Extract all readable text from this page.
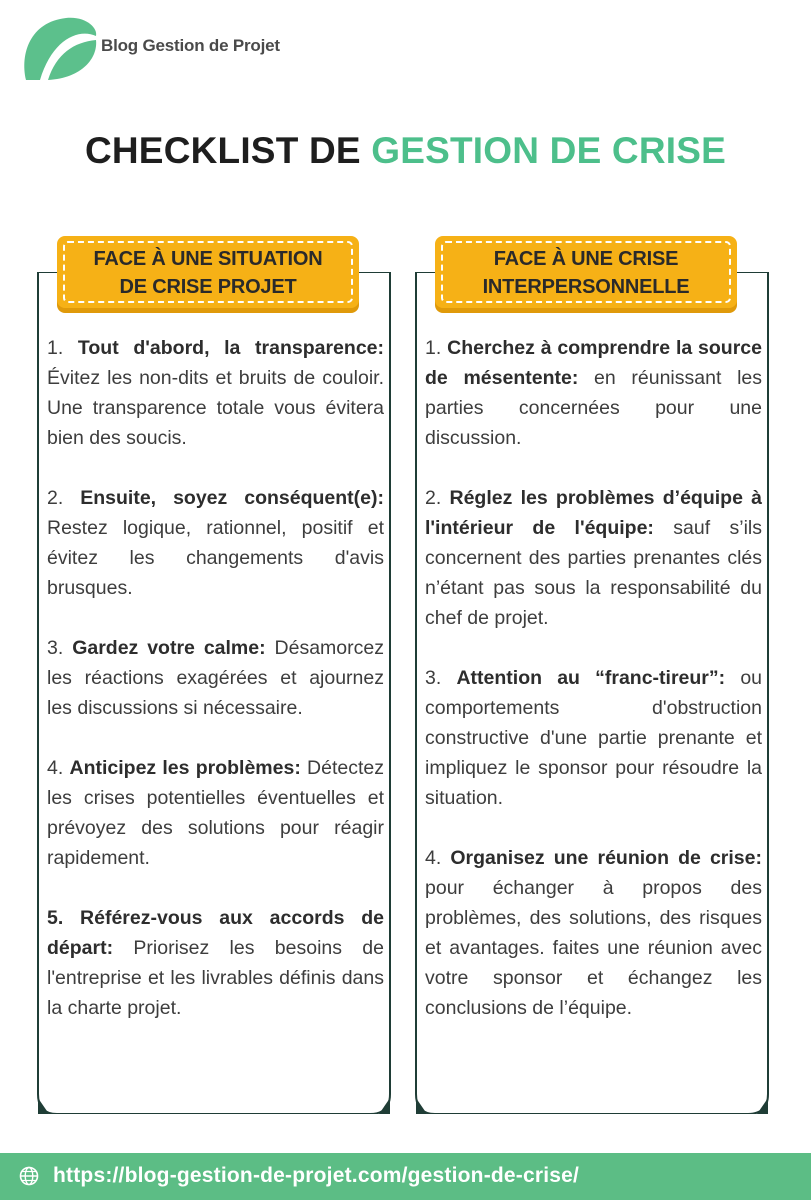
Blog Gestion de Projet
CHECKLIST DE GESTION DE CRISE
FACE À UNE SITUATION
DE CRISE PROJET
1. Tout d'abord, la transparence: Évitez les non-dits et bruits de couloir. Une transparence totale vous évitera bien des soucis.
2. Ensuite, soyez conséquent(e): Restez logique, rationnel, positif et évitez les changements d'avis brusques.
3. Gardez votre calme: Désamorcez les réactions exagérées et ajournez les discussions si nécessaire.
4. Anticipez les problèmes: Détectez les crises potentielles éventuelles et prévoyez des solutions pour réagir rapidement.
5. Référez-vous aux accords de départ: Priorisez les besoins de l'entreprise et les livrables définis dans la charte projet.
FACE À UNE CRISE
INTERPERSONNELLE
1. Cherchez à comprendre la source de mésentente: en réunissant les parties concernées pour une discussion.
2. Réglez les problèmes d’équipe à l'intérieur de l'équipe: sauf s’ils concernent des parties prenantes clés n’étant pas sous la responsabilité du chef de projet.
3. Attention au “franc-tireur”: ou comportements d'obstruction constructive d'une partie prenante et impliquez le sponsor pour résoudre la situation.
4. Organisez une réunion de crise: pour échanger à propos des problèmes, des solutions, des risques et avantages. faites une réunion avec votre sponsor et échangez les conclusions de l’équipe.
https://blog-gestion-de-projet.com/gestion-de-crise/
